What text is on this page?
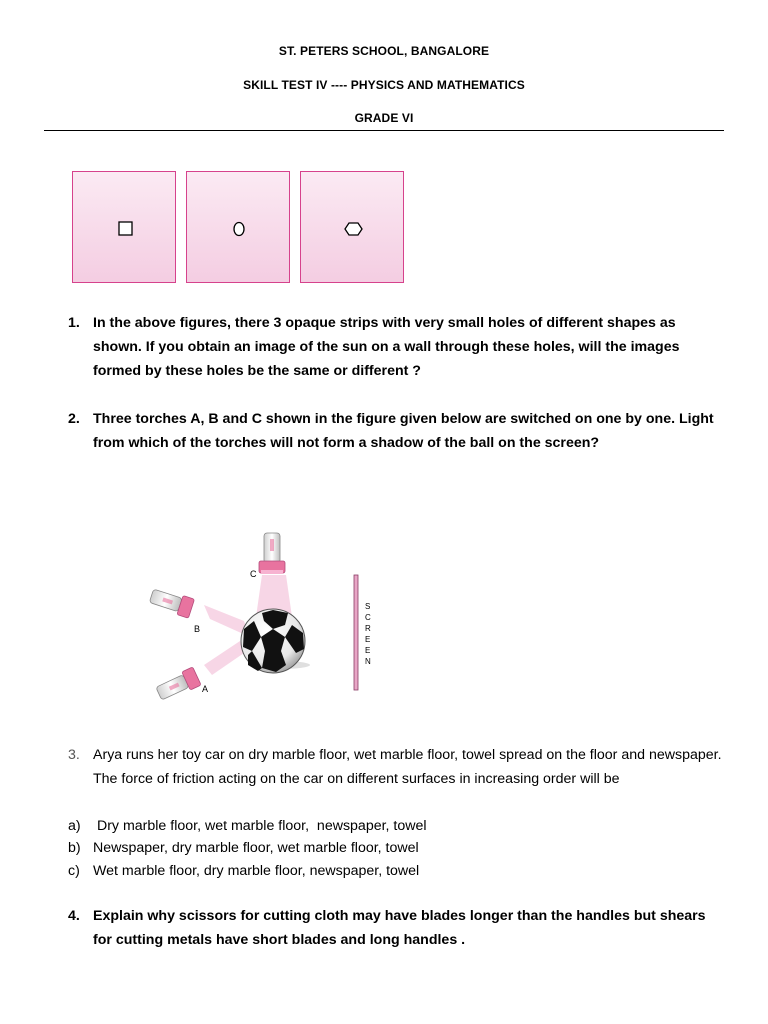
ST. PETERS SCHOOL, BANGALORE
SKILL TEST IV ---- PHYSICS AND MATHEMATICS
GRADE VI
1. In the above figures, there 3 opaque strips with very small holes of different shapes as shown. If you obtain an image of the sun on a wall through these holes, will the images formed by these holes be the same or different ?
2. Three torches A, B and C shown in the figure given below are switched on one by one. Light from which of the torches will not form a shadow of the ball on the screen?
C
B
A
S
C
R
E
E
N
3. Arya runs her toy car on dry marble floor, wet marble floor, towel spread on the floor and newspaper. The force of friction acting on the car on different surfaces in increasing order will be
a) Dry marble floor, wet marble floor,  newspaper, towel
b) Newspaper, dry marble floor, wet marble floor, towel
c) Wet marble floor, dry marble floor, newspaper, towel
4. Explain why scissors for cutting cloth may have blades longer than the handles but shears for cutting metals have short blades and long handles .
